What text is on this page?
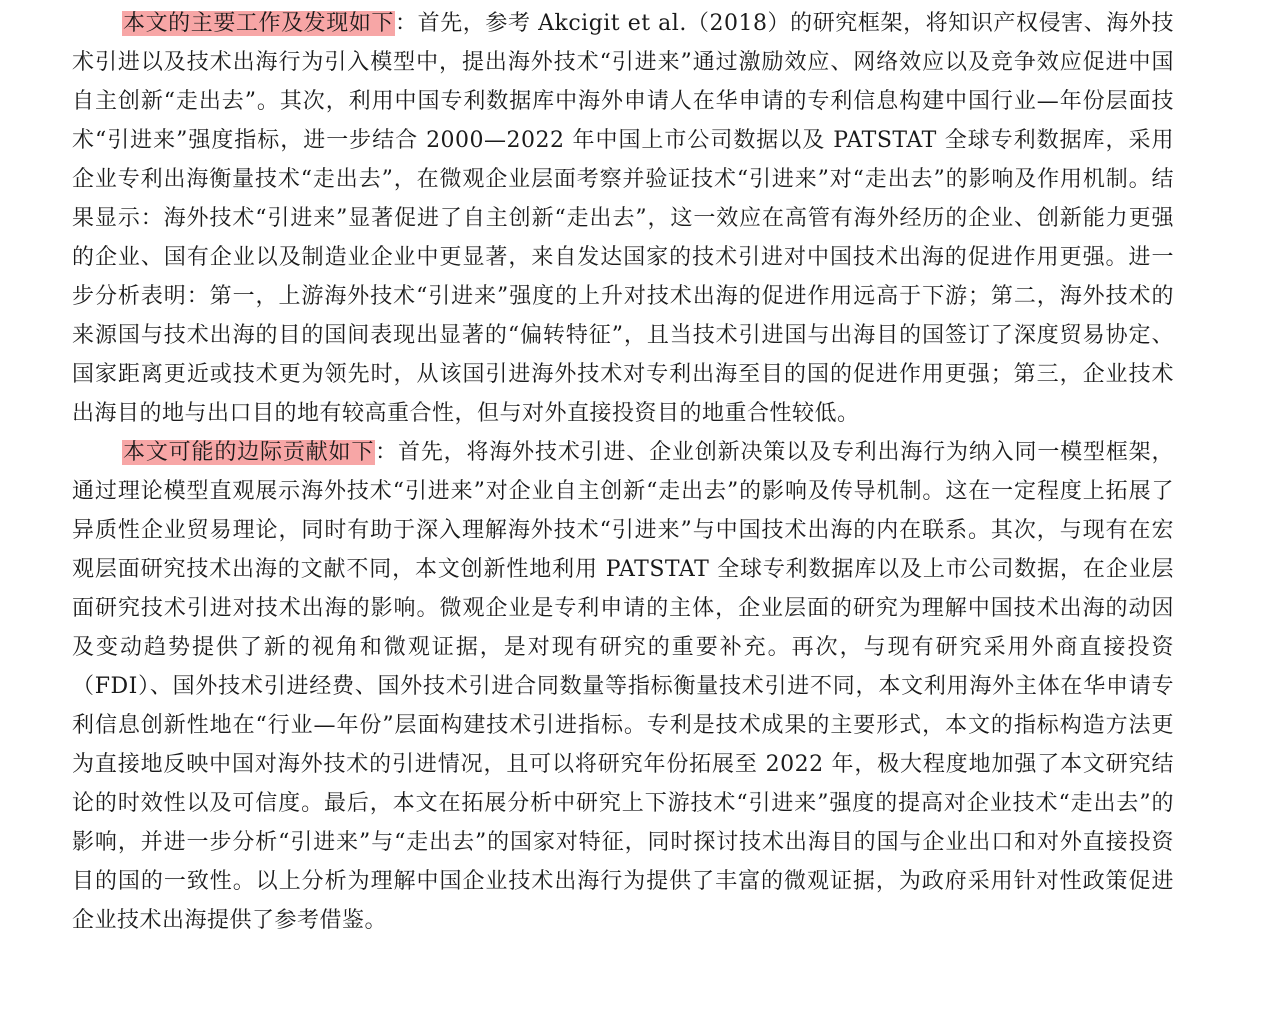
本文的主要工作及发现如下：首先，参考 Akcigit et al.（2018）的研究框架，将知识产权侵害、海外技术引进以及技术出海行为引入模型中，提出海外技术“引进来”通过激励效应、网络效应以及竞争效应促进中国自主创新“走出去”。其次，利用中国专利数据库中海外申请人在华申请的专利信息构建中国行业—年份层面技术“引进来”强度指标，进一步结合 2000—2022 年中国上市公司数据以及 PATSTAT 全球专利数据库，采用企业专利出海衡量技术“走出去”，在微观企业层面考察并验证技术“引进来”对“走出去”的影响及作用机制。结果显示：海外技术“引进来”显著促进了自主创新“走出去”，这一效应在高管有海外经历的企业、创新能力更强的企业、国有企业以及制造业企业中更显著，来自发达国家的技术引进对中国技术出海的促进作用更强。进一步分析表明：第一，上游海外技术“引进来”强度的上升对技术出海的促进作用远高于下游；第二，海外技术的来源国与技术出海的目的国间表现出显著的“偏转特征”，且当技术引进国与出海目的国签订了深度贸易协定、国家距离更近或技术更为领先时，从该国引进海外技术对专利出海至目的国的促进作用更强；第三，企业技术出海目的地与出口目的地有较高重合性，但与对外直接投资目的地重合性较低。

本文可能的边际贡献如下：首先，将海外技术引进、企业创新决策以及专利出海行为纳入同一模型框架，通过理论模型直观展示海外技术“引进来”对企业自主创新“走出去”的影响及传导机制。这在一定程度上拓展了异质性企业贸易理论，同时有助于深入理解海外技术“引进来”与中国技术出海的内在联系。其次，与现有在宏观层面研究技术出海的文献不同，本文创新性地利用 PATSTAT 全球专利数据库以及上市公司数据，在企业层面研究技术引进对技术出海的影响。微观企业是专利申请的主体，企业层面的研究为理解中国技术出海的动因及变动趋势提供了新的视角和微观证据，是对现有研究的重要补充。再次，与现有研究采用外商直接投资（FDI）、国外技术引进经费、国外技术引进合同数量等指标衡量技术引进不同，本文利用海外主体在华申请专利信息创新性地在“行业—年份”层面构建技术引进指标。专利是技术成果的主要形式，本文的指标构造方法更为直接地反映中国对海外技术的引进情况，且可以将研究年份拓展至 2022 年，极大程度地加强了本文研究结论的时效性以及可信度。最后，本文在拓展分析中研究上下游技术“引进来”强度的提高对企业技术“走出去”的影响，并进一步分析“引进来”与“走出去”的国家对特征，同时探讨技术出海目的国与企业出口和对外直接投资目的国的一致性。以上分析为理解中国企业技术出海行为提供了丰富的微观证据，为政府采用针对性政策促进企业技术出海提供了参考借鉴。
